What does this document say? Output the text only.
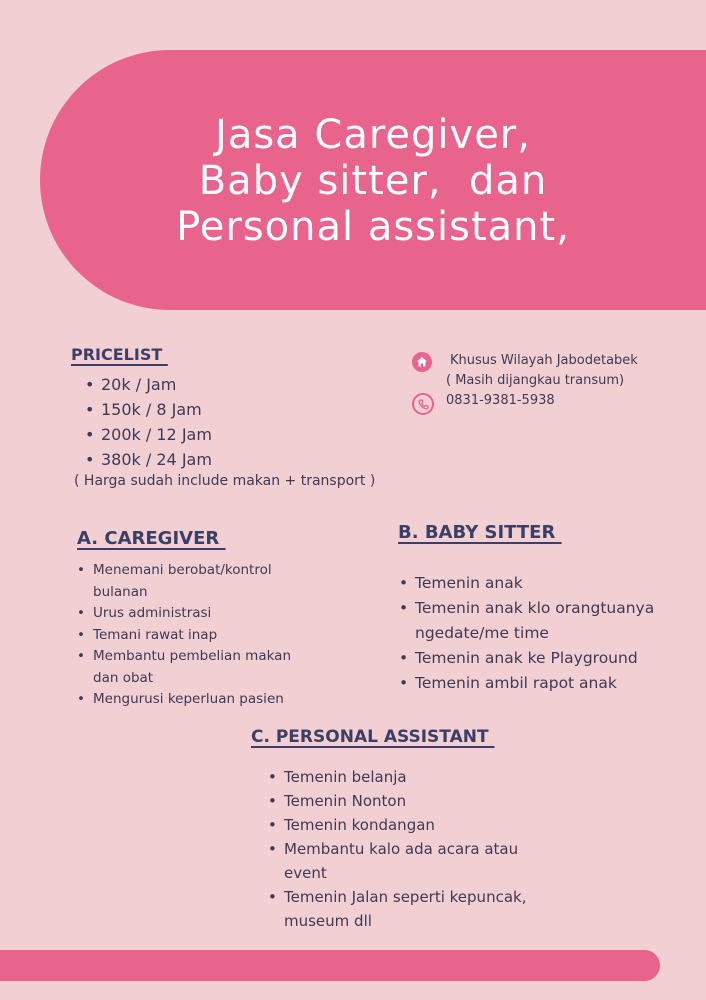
Jasa Caregiver,
Baby sitter,  dan
Personal assistant,
PRICELIST
• 20k / Jam
• 150k / 8 Jam
• 200k / 12 Jam
• 380k / 24 Jam
( Harga sudah include makan + transport )
Khusus Wilayah Jabodetabek
( Masih dijangkau transum)
0831-9381-5938
A. CAREGIVER
• Menemani berobat/kontrol bulanan
• Urus administrasi
• Temani rawat inap
• Membantu pembelian makan dan obat
• Mengurusi keperluan pasien
B. BABY SITTER
• Temenin anak
• Temenin anak klo orangtuanya ngedate/me time
• Temenin anak ke Playground
• Temenin ambil rapot anak
C. PERSONAL ASSISTANT
• Temenin belanja
• Temenin Nonton
• Temenin kondangan
• Membantu kalo ada acara atau event
• Temenin Jalan seperti kepuncak, museum dll
